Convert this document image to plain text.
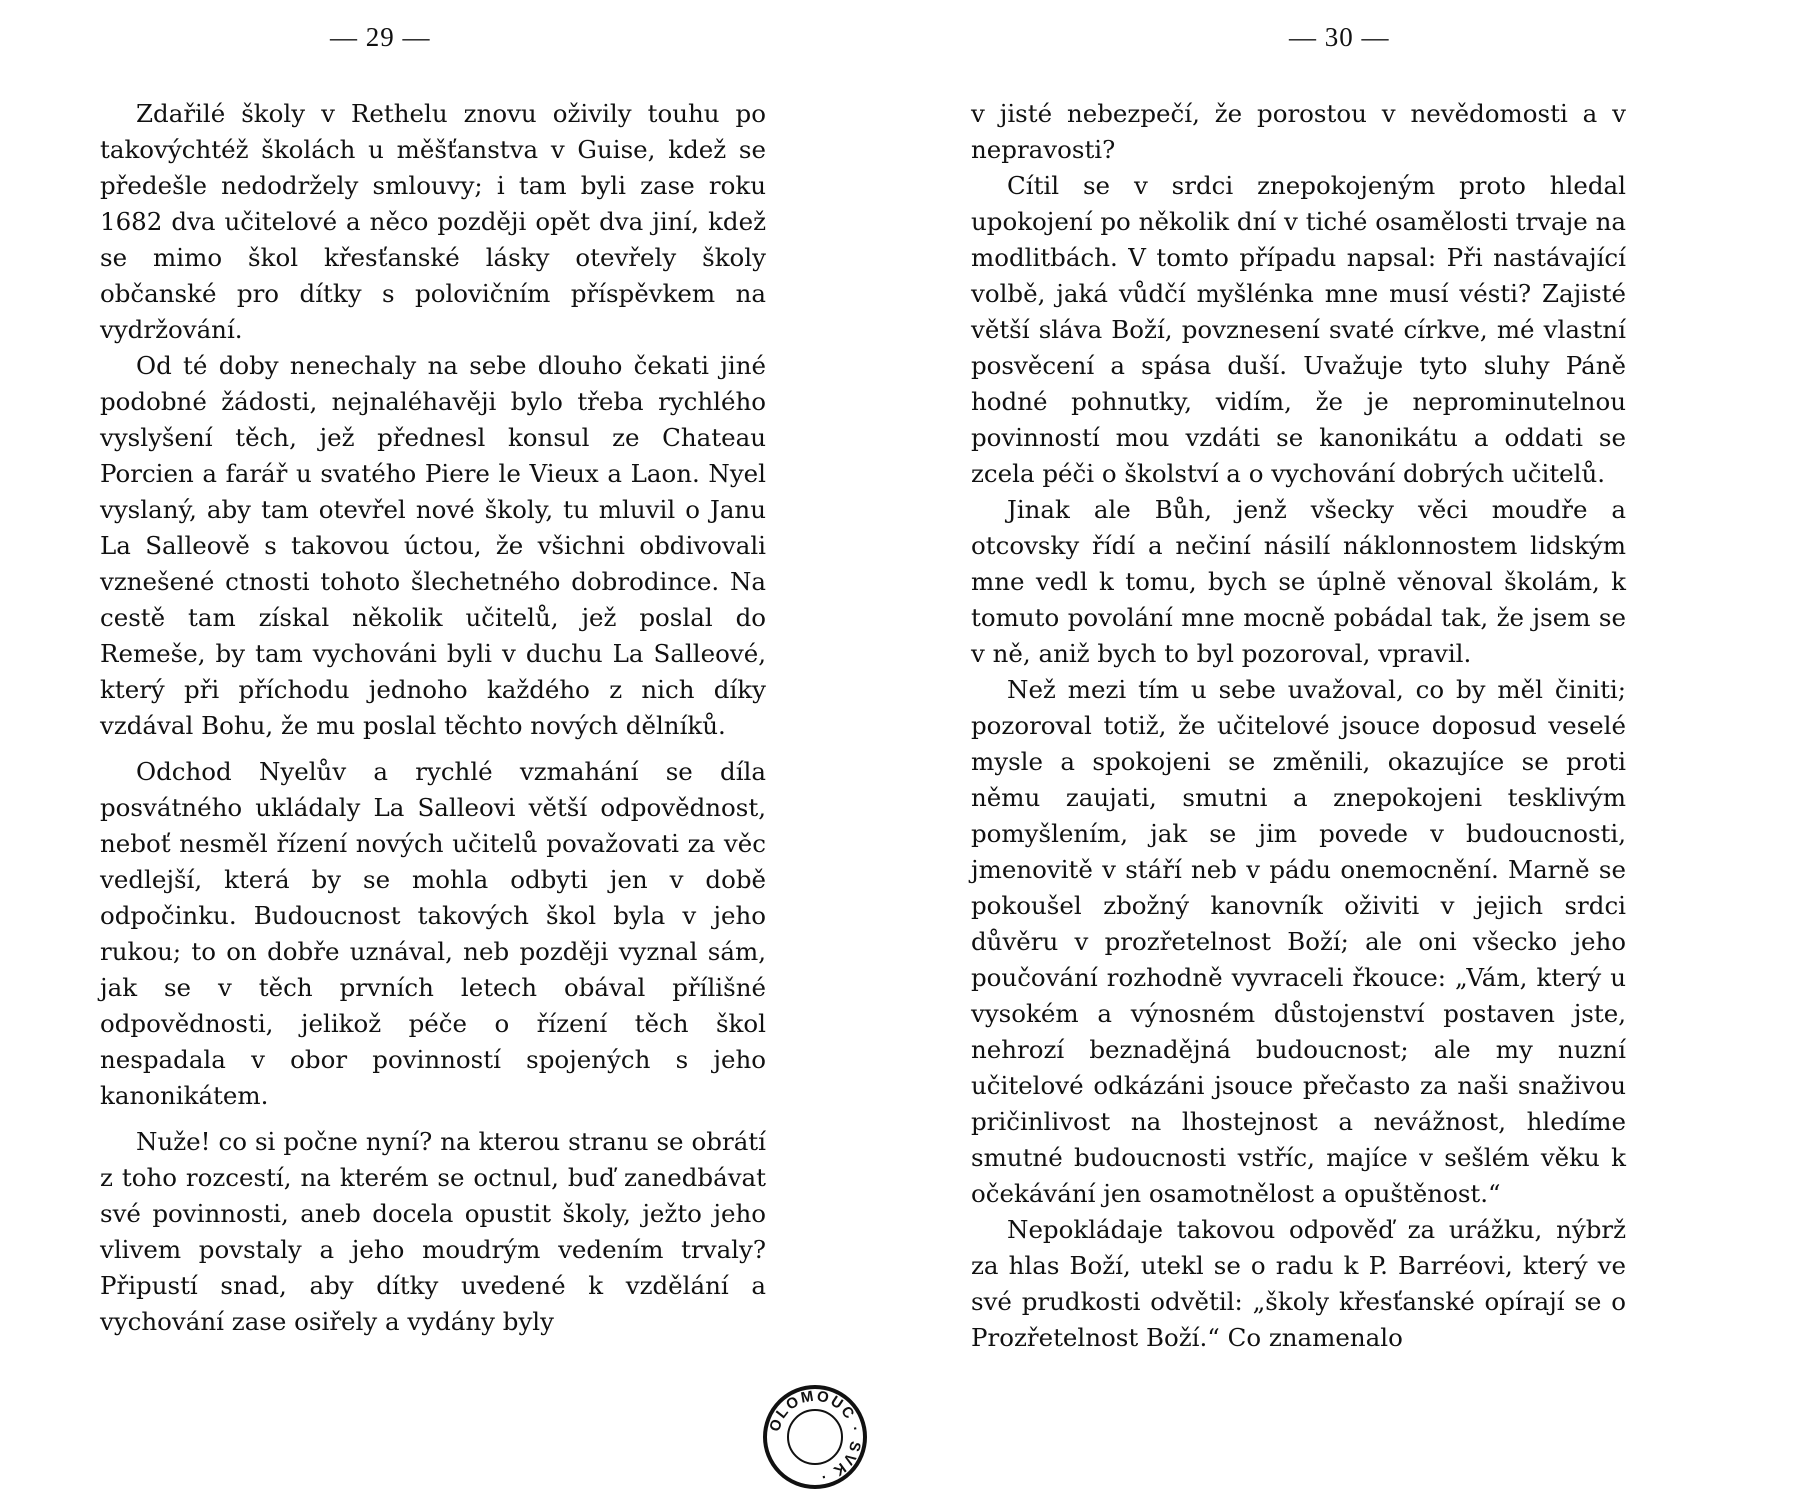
— 29 —

Zdařilé školy v Rethelu znovu oživily touhu po takovýchtéž školách u měšťanstva v Guise, kdež se předešle nedodržely smlouvy; i tam byli zase roku 1682 dva učitelové a něco později opět dva jiní, kdež se mimo škol křesťanské lásky otevřely školy občanské pro dítky s polovičním příspěvkem na vydržování.

Od té doby nenechaly na sebe dlouho čekati jiné podobné žádosti, nejnaléhavěji bylo třeba rychlého vyslyšení těch, jež přednesl konsul ze Chateau Porcien a farář u svatého Piere le Vieux a Laon. Nyel vyslaný, aby tam otevřel nové školy, tu mluvil o Janu La Salleově s takovou úctou, že všichni obdivovali vznešené ctnosti tohoto šlechetného dobrodince. Na cestě tam získal několik učitelů, jež poslal do Remeše, by tam vychováni byli v duchu La Salleové, který při příchodu jednoho každého z nich díky vzdával Bohu, že mu poslal těchto nových dělníků.

Odchod Nyelův a rychlé vzmahání se díla posvátného ukládaly La Salleovi větší odpovědnost, neboť nesměl řízení nových učitelů považovati za věc vedlejší, která by se mohla odbyti jen v době odpočinku. Budoucnost takových škol byla v jeho rukou; to on dobře uznával, neb později vyznal sám, jak se v těch prvních letech obával přílišné odpovědnosti, jelikož péče o řízení těch škol nespadala v obor povinností spojených s jeho kanonikátem.

Nuže! co si počne nyní? na kterou stranu se obrátí z toho rozcestí, na kterém se octnul, buď zanedbávat své povinnosti, aneb docela opustit školy, ježto jeho vlivem povstaly a jeho moudrým vedením trvaly? Připustí snad, aby dítky uvedené k vzdělání a vychování zase osiřely a vydány byly

— 30 —

v jisté nebezpečí, že porostou v nevědomosti a v nepravosti?

Cítil se v srdci znepokojeným proto hledal upokojení po několik dní v tiché osamělosti trvaje na modlitbách. V tomto případu napsal: Při nastávající volbě, jaká vůdčí myšlénka mne musí vésti? Zajisté větší sláva Boží, povznesení svaté církve, mé vlastní posvěcení a spása duší. Uvažuje tyto sluhy Páně hodné pohnutky, vidím, že je neprominutelnou povinností mou vzdáti se kanonikátu a oddati se zcela péči o školství a o vychování dobrých učitelů.

Jinak ale Bůh, jenž všecky věci moudře a otcovsky řídí a nečiní násilí náklonnostem lidským mne vedl k tomu, bych se úplně věnoval školám, k tomuto povolání mne mocně pobádal tak, že jsem se v ně, aniž bych to byl pozoroval, vpravil.

Než mezi tím u sebe uvažoval, co by měl činiti; pozoroval totiž, že učitelové jsouce doposud veselé mysle a spokojeni se změnili, okazujíce se proti němu zaujati, smutni a znepokojeni tesklivým pomyšlením, jak se jim povede v budoucnosti, jmenovitě v stáří neb v pádu onemocnění. Marně se pokoušel zbožný kanovník oživiti v jejich srdci důvěru v prozřetelnost Boží; ale oni všecko jeho poučování rozhodně vyvraceli řkouce: „Vám, který u vysokém a výnosném důstojenství postaven jste, nehrozí beznadějná budoucnost; ale my nuzní učitelové odkázáni jsouce přečasto za naši snaživou pričinlivost na lhostejnost a nevážnost, hledíme smutné budoucnosti vstříc, majíce v sešlém věku k očekávání jen osamotnělost a opuštěnost.“

Nepokládaje takovou odpověď za urážku, nýbrž za hlas Boží, utekl se o radu k P. Barréovi, který ve své prudkosti odvětil: „školy křesťanské opírají se o Prozřetelnost Boží.“ Co znamenalo

OLOMOUC · SVK ·
